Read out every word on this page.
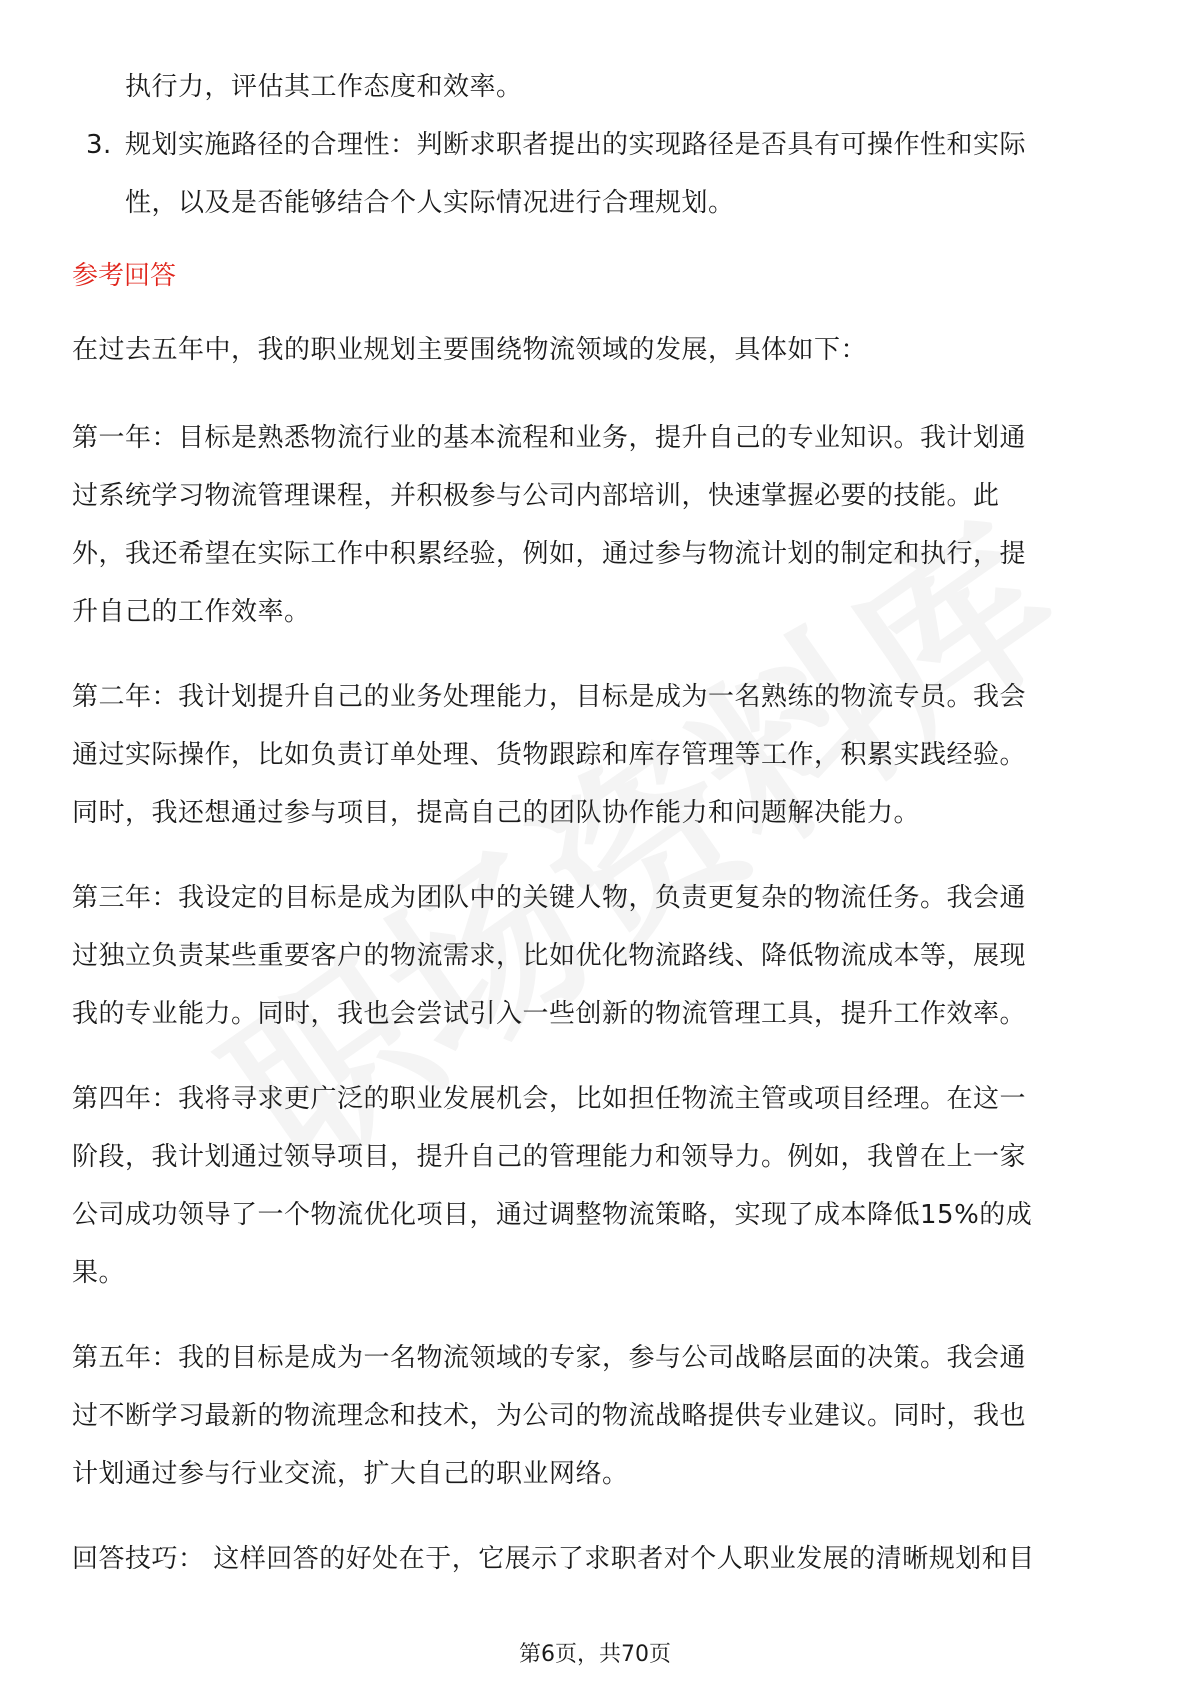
执行力，评估其工作态度和效率。
3. 规划实施路径的合理性：判断求职者提出的实现路径是否具有可操作性和实际
性，以及是否能够结合个人实际情况进行合理规划。
参考回答
在过去五年中，我的职业规划主要围绕物流领域的发展，具体如下：
第一年：目标是熟悉物流行业的基本流程和业务，提升自己的专业知识。我计划通
过系统学习物流管理课程，并积极参与公司内部培训，快速掌握必要的技能。此
外，我还希望在实际工作中积累经验，例如，通过参与物流计划的制定和执行，提
升自己的工作效率。
第二年：我计划提升自己的业务处理能力，目标是成为一名熟练的物流专员。我会
通过实际操作，比如负责订单处理、货物跟踪和库存管理等工作，积累实践经验。
同时，我还想通过参与项目，提高自己的团队协作能力和问题解决能力。
第三年：我设定的目标是成为团队中的关键人物，负责更复杂的物流任务。我会通
过独立负责某些重要客户的物流需求，比如优化物流路线、降低物流成本等，展现
我的专业能力。同时，我也会尝试引入一些创新的物流管理工具，提升工作效率。
第四年：我将寻求更广泛的职业发展机会，比如担任物流主管或项目经理。在这一
阶段，我计划通过领导项目，提升自己的管理能力和领导力。例如，我曾在上一家
公司成功领导了一个物流优化项目，通过调整物流策略，实现了成本降低15%的成
果。
第五年：我的目标是成为一名物流领域的专家，参与公司战略层面的决策。我会通
过不断学习最新的物流理念和技术，为公司的物流战略提供专业建议。同时，我也
计划通过参与行业交流，扩大自己的职业网络。
回答技巧： 这样回答的好处在于，它展示了求职者对个人职业发展的清晰规划和目
第6页，共70页
